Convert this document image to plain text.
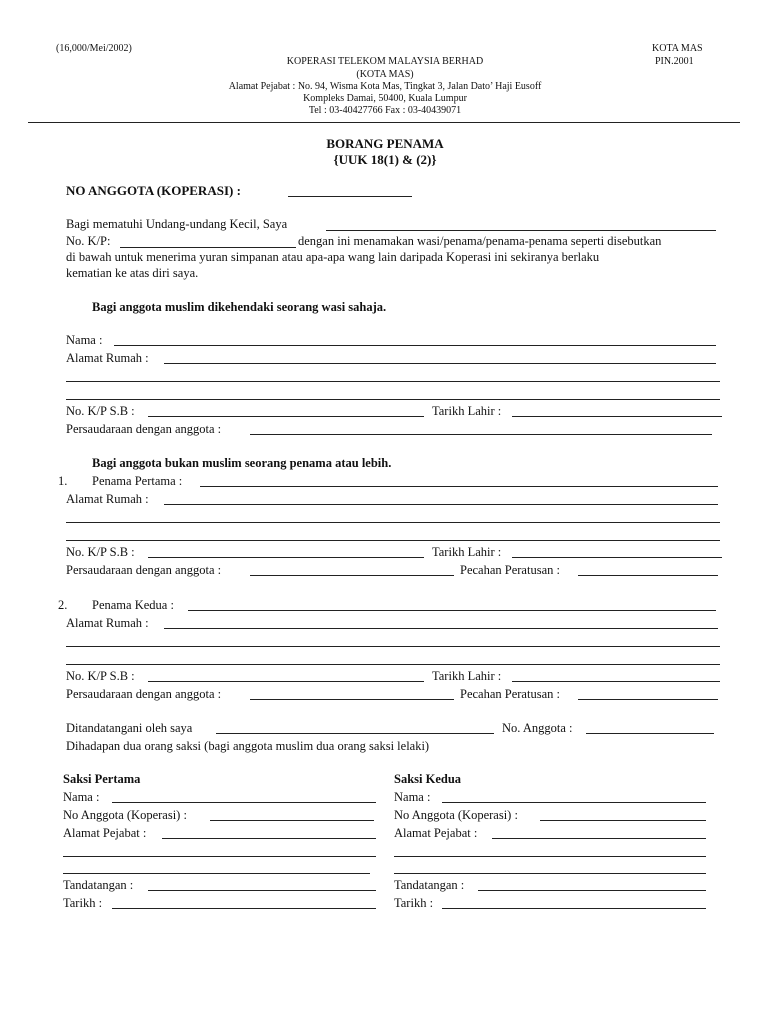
(16,000/Mei/2002)	KOTA MAS
PIN.2001
KOPERASI TELEKOM MALAYSIA BERHAD
(KOTA MAS)
Alamat Pejabat : No. 94, Wisma Kota Mas, Tingkat 3, Jalan Dato’ Haji Eusoff
Kompleks Damai, 50400, Kuala Lumpur
Tel : 03-40427766 Fax : 03-40439071
BORANG PENAMA
{UUK 18(1) & (2)}
NO ANGGOTA (KOPERASI) :
Bagi mematuhi Undang-undang Kecil, Saya
No. K/P:	dengan ini menamakan wasi/penama/penama-penama seperti disebutkan
di bawah untuk menerima yuran simpanan atau apa-apa wang lain daripada Koperasi ini sekiranya berlaku
kematian ke atas diri saya.
Bagi anggota muslim dikehendaki seorang wasi sahaja.
Nama :
Alamat Rumah :
No. K/P S.B :	Tarikh Lahir :
Persaudaraan dengan anggota :
Bagi anggota bukan muslim seorang penama atau lebih.
1. Penama Pertama :
Alamat Rumah :
No. K/P S.B :	Tarikh Lahir :
Persaudaraan dengan anggota :	Pecahan Peratusan :
2. Penama Kedua :
Alamat Rumah :
No. K/P S.B :	Tarikh Lahir :
Persaudaraan dengan anggota :	Pecahan Peratusan :
Ditandatangani oleh saya	No. Anggota :
Dihadapan dua orang saksi (bagi anggota muslim dua orang saksi lelaki)
Saksi Pertama
Nama :
No Anggota (Koperasi) :
Alamat Pejabat :
Tandatangan :
Tarikh :
Saksi Kedua
Nama :
No Anggota (Koperasi) :
Alamat Pejabat :
Tandatangan :
Tarikh :
